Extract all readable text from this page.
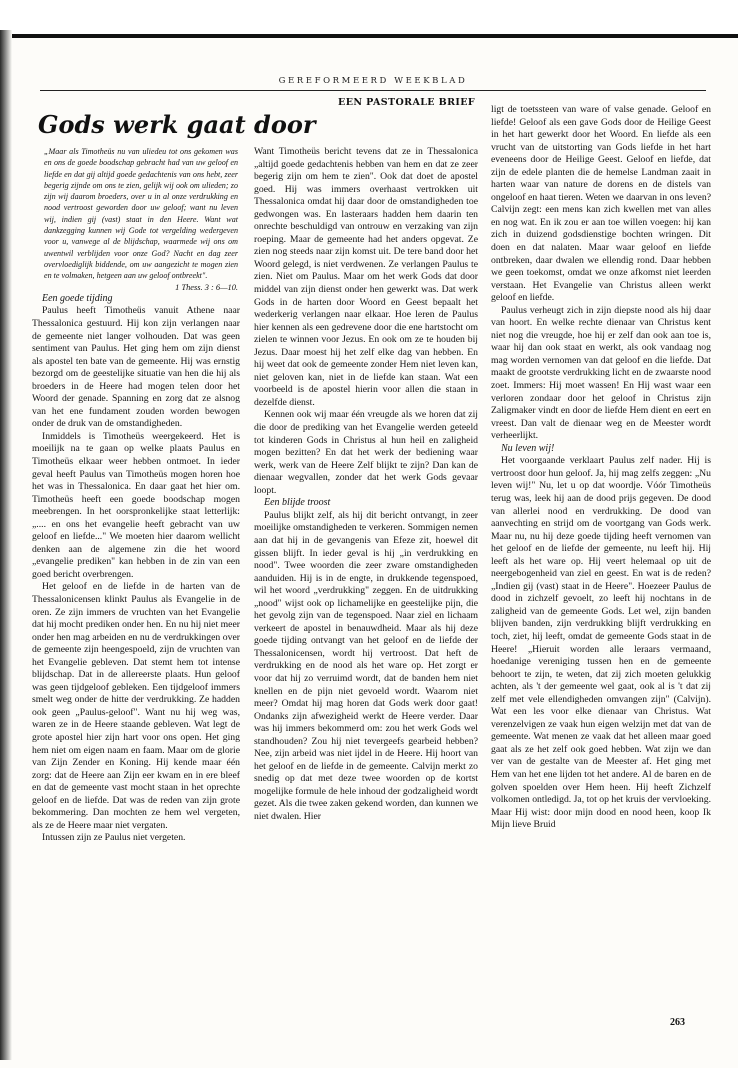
GEREFORMEERD WEEKBLAD
EEN PASTORALE BRIEF
Gods werk gaat door

„Maar als Timotheüs nu van uliedeu tot ons gekomen was en ons de goede boodschap gebracht had van uw geloof en liefde en dat gij altijd goede gedachtenis van ons hebt, zeer begerig zijnde om ons te zien, gelijk wij ook om ulieden; zo zijn wij daarom broeders, over u in al onze verdrukking en nood vertroost geworden door uw geloof; want nu leven wij, indien gij (vast) staat in den Heere. Want wat dankzegging kunnen wij Gode tot vergelding wedergeven voor u, vanwege al de blijdschap, waarmede wij ons om uwentwil verblijden voor onze God? Nacht en dag zeer overvloediglijk biddende, om uw aangezicht te mogen zien en te volmaken, hetgeen aan uw geloof ontbreekt".

1 Thess. 3 : 6—10.

Een goede tijding

Paulus heeft Timotheüs vanuit Athene naar Thessalonica gestuurd. Hij kon zijn verlangen naar de gemeente niet langer volhouden. Dat was geen sentiment van Paulus. Het ging hem om zijn dienst als apostel ten bate van de gemeente. Hij was ernstig bezorgd om de geestelijke situatie van hen die hij als broeders in de Heere had mogen telen door het Woord der genade. Spanning en zorg dat ze alsnog van het ene fundament zouden worden bewogen onder de druk van de omstandigheden.

Inmiddels is Timotheüs weergekeerd. Het is moeilijk na te gaan op welke plaats Paulus en Timotheüs elkaar weer hebben ontmoet. In ieder geval heeft Paulus van Timotheüs mogen horen hoe het was in Thessalonica. En daar gaat het hier om. Timotheüs heeft een goede boodschap mogen meebrengen. In het oorspronkelijke staat letterlijk: „.... en ons het evangelie heeft gebracht van uw geloof en liefde..." We moeten hier daarom wellicht denken aan de algemene zin die het woord „evangelie prediken" kan hebben in de zin van een goed bericht overbrengen.

Het geloof en de liefde in de harten van de Thessalonicensen klinkt Paulus als Evangelie in de oren. Ze zijn immers de vruchten van het Evangelie dat hij mocht prediken onder hen. En nu hij niet meer onder hen mag arbeiden en nu de verdrukkingen over de gemeente zijn heengespoeld, zijn de vruchten van het Evangelie gebleven. Dat stemt hem tot intense blijdschap. Dat in de allereerste plaats. Hun geloof was geen tijdgeloof gebleken. Een tijdgeloof immers smelt weg onder de hitte der verdrukking. Ze hadden ook geen „Paulus-geloof". Want nu hij weg was, waren ze in de Heere staande gebleven. Wat legt de grote apostel hier zijn hart voor ons open. Het ging hem niet om eigen naam en faam. Maar om de glorie van Zijn Zender en Koning. Hij kende maar één zorg: dat de Heere aan Zijn eer kwam en in ere bleef en dat de gemeente vast mocht staan in het oprechte geloof en de liefde. Dat was de reden van zijn grote bekommering. Dan mochten ze hem wel vergeten, als ze de Heere maar niet vergaten.

Intussen zijn ze Paulus niet vergeten.

Want Timotheüs bericht tevens dat ze in Thessalonica „altijd goede gedachtenis hebben van hem en dat ze zeer begerig zijn om hem te zien". Ook dat doet de apostel goed. Hij was immers overhaast vertrokken uit Thessalonica omdat hij daar door de omstandigheden toe gedwongen was. En lasteraars hadden hem daarin ten onrechte beschuldigd van ontrouw en verzaking van zijn roeping. Maar de gemeente had het anders opgevat. Ze zien nog steeds naar zijn komst uit. De tere band door het Woord gelegd, is niet verdwenen. Ze verlangen Paulus te zien. Niet om Paulus. Maar om het werk Gods dat door middel van zijn dienst onder hen gewerkt was. Dat werk Gods in de harten door Woord en Geest bepaalt het wederkerig verlangen naar elkaar. Hoe leren de Paulus hier kennen als een gedrevene door die ene hartstocht om zielen te winnen voor Jezus. En ook om ze te houden bij Jezus. Daar moest hij het zelf elke dag van hebben. En hij weet dat ook de gemeente zonder Hem niet leven kan, niet geloven kan, niet in de liefde kan staan. Wat een voorbeeld is de apostel hierin voor allen die staan in dezelfde dienst.

Kennen ook wij maar één vreugde als we horen dat zij die door de prediking van het Evangelie werden geteeld tot kinderen Gods in Christus al hun heil en zaligheid mogen bezitten? En dat het werk der bediening waar werk, werk van de Heere Zelf blijkt te zijn? Dan kan de dienaar wegvallen, zonder dat het werk Gods gevaar loopt.

Een blijde troost

Paulus blijkt zelf, als hij dit bericht ontvangt, in zeer moeilijke omstandigheden te verkeren. Sommigen nemen aan dat hij in de gevangenis van Efeze zit, hoewel dit gissen blijft. In ieder geval is hij „in verdrukking en nood". Twee woorden die zeer zware omstandigheden aanduiden. Hij is in de engte, in drukkende tegenspoed, wil het woord „verdrukking" zeggen. En de uitdrukking „nood" wijst ook op lichamelijke en geestelijke pijn, die het gevolg zijn van de tegenspoed. Naar ziel en lichaam verkeert de apostel in benauwdheid. Maar als hij deze goede tijding ontvangt van het geloof en de liefde der Thessalonicensen, wordt hij vertroost. Dat heft de verdrukking en de nood als het ware op. Het zorgt er voor dat hij zo verruimd wordt, dat de banden hem niet knellen en de pijn niet gevoeld wordt. Waarom niet meer? Omdat hij mag horen dat Gods werk door gaat! Ondanks zijn afwezigheid werkt de Heere verder. Daar was hij immers bekommerd om: zou het werk Gods wel standhouden? Zou hij niet tevergeefs gearbeid hebben? Nee, zijn arbeid was niet ijdel in de Heere. Hij hoort van het geloof en de liefde in de gemeente. Calvijn merkt zo snedig op dat met deze twee woorden op de kortst mogelijke formule de hele inhoud der godzaligheid wordt gezet. Als die twee zaken gekend worden, dan kunnen we niet dwalen. Hier

ligt de toetssteen van ware of valse genade. Geloof en liefde! Geloof als een gave Gods door de Heilige Geest in het hart gewerkt door het Woord. En liefde als een vrucht van de uitstorting van Gods liefde in het hart eveneens door de Heilige Geest. Geloof en liefde, dat zijn de edele planten die de hemelse Landman zaait in harten waar van nature de dorens en de distels van ongeloof en haat tieren. Weten we daarvan in ons leven? Calvijn zegt: een mens kan zich kwellen met van alles en nog wat. En ik zou er aan toe willen voegen: hij kan zich in duizend godsdienstige bochten wringen. Dit doen en dat nalaten. Maar waar geloof en liefde ontbreken, daar dwalen we ellendig rond. Daar hebben we geen toekomst, omdat we onze afkomst niet leerden verstaan. Het Evangelie van Christus alleen werkt geloof en liefde.

Paulus verheugt zich in zijn diepste nood als hij daar van hoort. En welke rechte dienaar van Christus kent niet nog die vreugde, hoe hij er zelf dan ook aan toe is, waar hij dan ook staat en werkt, als ook vandaag nog mag worden vernomen van dat geloof en die liefde. Dat maakt de grootste verdrukking licht en de zwaarste nood zoet. Immers: Hij moet wassen! En Hij wast waar een verloren zondaar door het geloof in Christus zijn Zaligmaker vindt en door de liefde Hem dient en eert en vreest. Dan valt de dienaar weg en de Meester wordt verheerlijkt.

Nu leven wij!

Het voorgaande verklaart Paulus zelf nader. Hij is vertroost door hun geloof. Ja, hij mag zelfs zeggen: „Nu leven wij!" Nu, let u op dat woordje. Vóór Timotheüs terug was, leek hij aan de dood prijs gegeven. De dood van allerlei nood en verdrukking. De dood van aanvechting en strijd om de voortgang van Gods werk. Maar nu, nu hij deze goede tijding heeft vernomen van het geloof en de liefde der gemeente, nu leeft hij. Hij leeft als het ware op. Hij veert helemaal op uit de neergebogenheid van ziel en geest. En wat is de reden? „Indien gij (vast) staat in de Heere". Hoezeer Paulus de dood in zichzelf gevoelt, zo leeft hij nochtans in de zaligheid van de gemeente Gods. Let wel, zijn banden blijven banden, zijn verdrukking blijft verdrukking en toch, ziet, hij leeft, omdat de gemeente Gods staat in de Heere! „Hieruit worden alle leraars vermaand, hoedanige vereniging tussen hen en de gemeente behoort te zijn, te weten, dat zij zich moeten gelukkig achten, als 't der gemeente wel gaat, ook al is 't dat zij zelf met vele ellendigheden omvangen zijn" (Calvijn). Wat een les voor elke dienaar van Christus. Wat verenzelvigen ze vaak hun eigen welzijn met dat van de gemeente. Wat menen ze vaak dat het alleen maar goed gaat als ze het zelf ook goed hebben. Wat zijn we dan ver van de gestalte van de Meester af. Het ging met Hem van het ene lijden tot het andere. Al de baren en de golven spoelden over Hem heen. Hij heeft Zichzelf volkomen ontledigd. Ja, tot op het kruis der vervloeking. Maar Hij wist: door mijn dood en nood heen, koop Ik Mijn lieve Bruid

263
